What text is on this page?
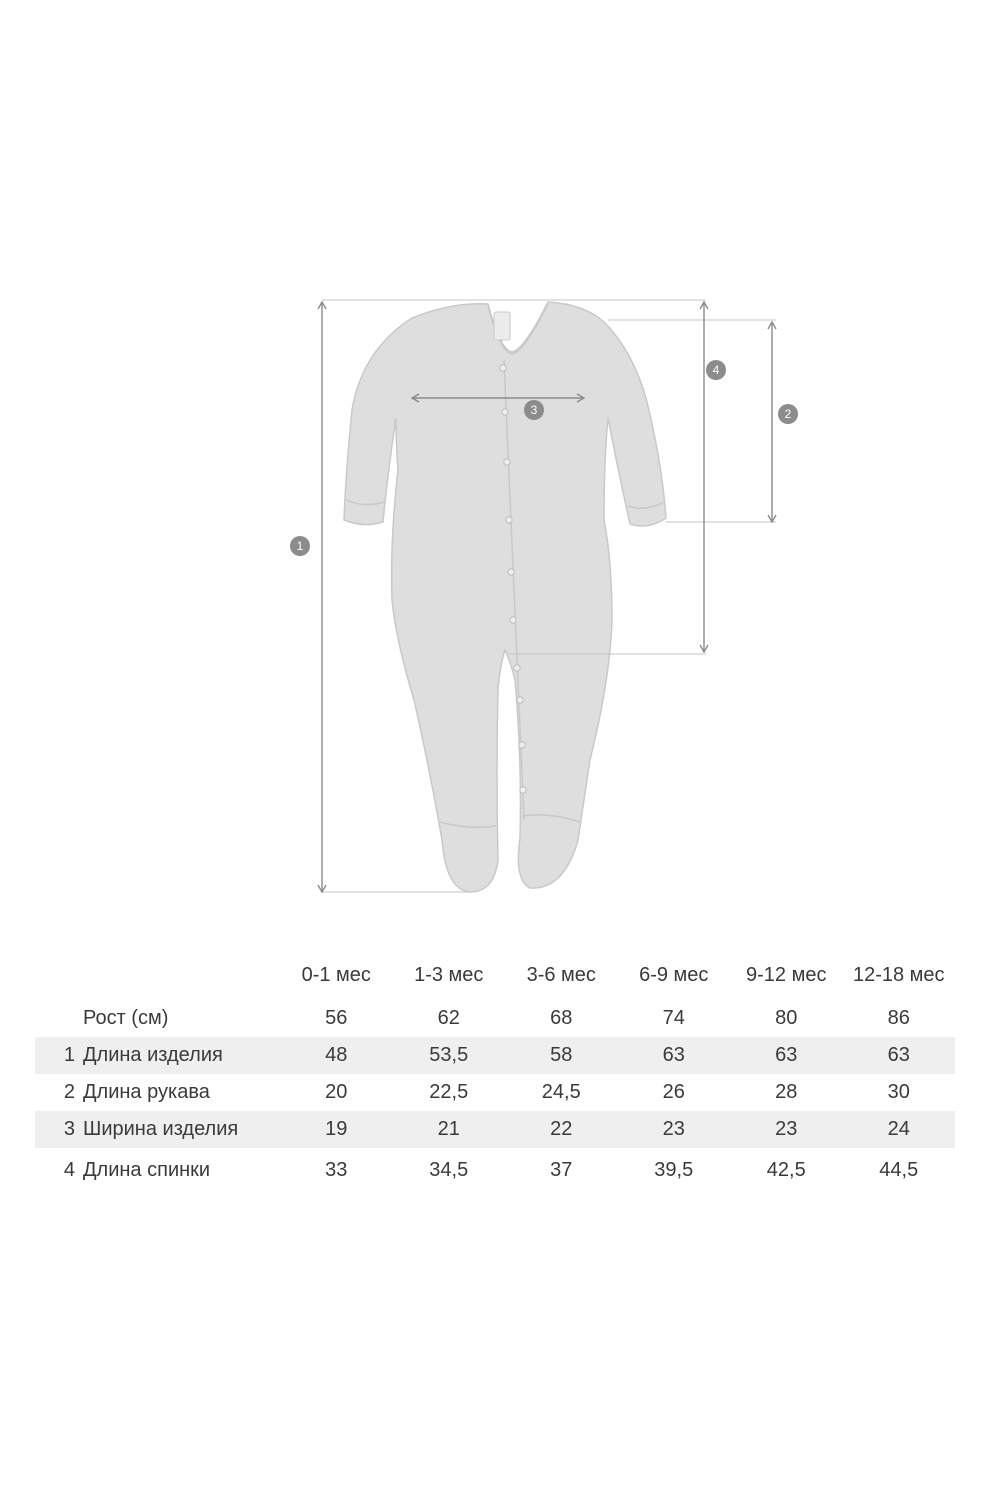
1
2
3
4
		0-1 мес	1-3 мес	3-6 мес	6-9 мес	9-12 мес	12-18 мес
	Рост (см)	56	62	68	74	80	86
1	Длина изделия	48	53,5	58	63	63	63
2	Длина рукава	20	22,5	24,5	26	28	30
3	Ширина изделия	19	21	22	23	23	24

4	Длина спинки	33	34,5	37	39,5	42,5	44,5
